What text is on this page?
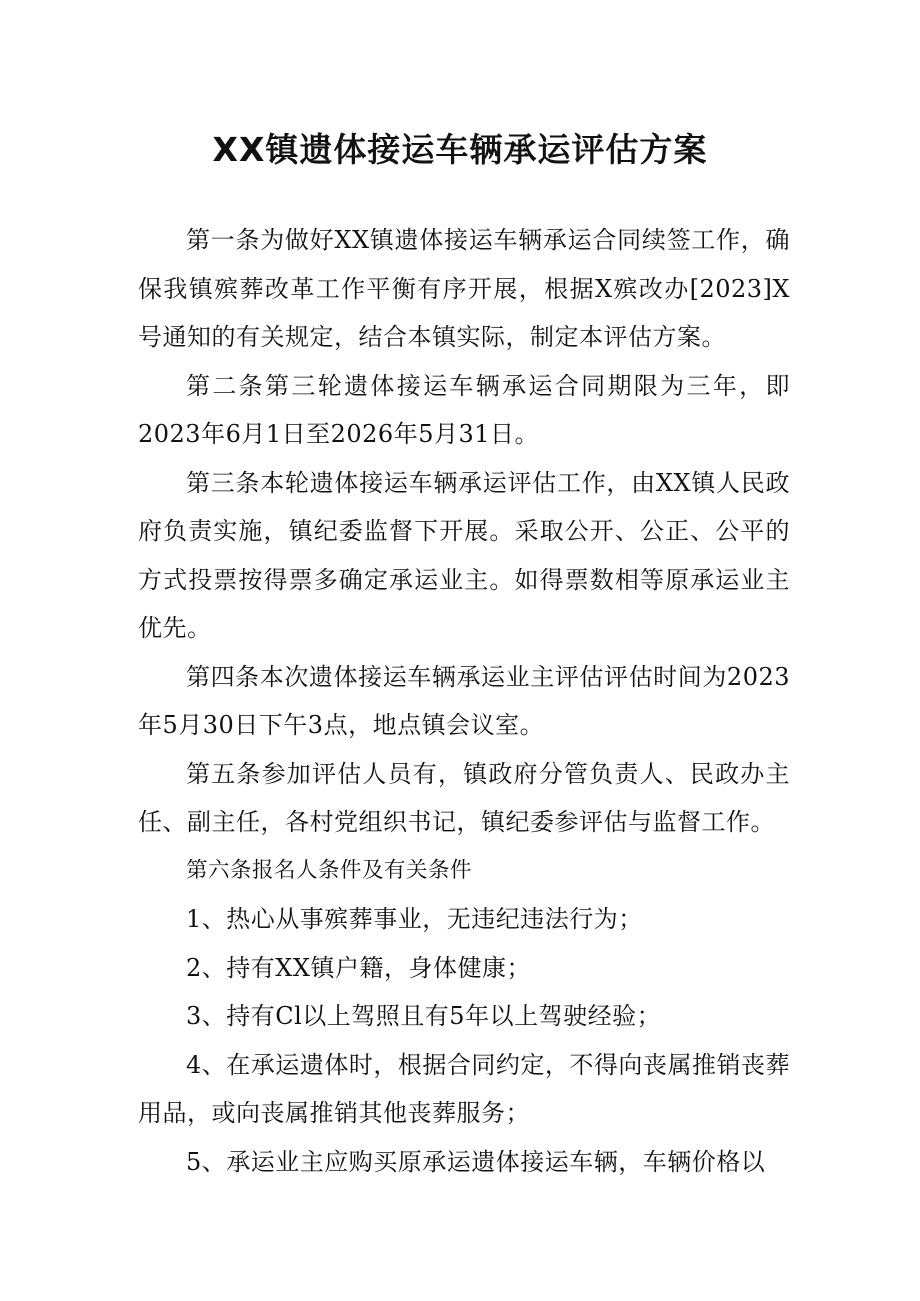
XX镇遗体接运车辆承运评估方案

第一条为做好XX镇遗体接运车辆承运合同续签工作，确保我镇殡葬改革工作平衡有序开展，根据X殡改办[2023]X号通知的有关规定，结合本镇实际，制定本评估方案。

第二条第三轮遗体接运车辆承运合同期限为三年，即2023年6月1日至2026年5月31日。

第三条本轮遗体接运车辆承运评估工作，由XX镇人民政府负责实施，镇纪委监督下开展。采取公开、公正、公平的方式投票按得票多确定承运业主。如得票数相等原承运业主优先。

第四条本次遗体接运车辆承运业主评估评估时间为2023年5月30日下午3点，地点镇会议室。

第五条参加评估人员有，镇政府分管负责人、民政办主任、副主任，各村党组织书记，镇纪委参评估与监督工作。

第六条报名人条件及有关条件

1、热心从事殡葬事业，无违纪违法行为；

2、持有XX镇户籍，身体健康；

3、持有Cl以上驾照且有5年以上驾驶经验；

4、在承运遗体时，根据合同约定，不得向丧属推销丧葬用品，或向丧属推销其他丧葬服务；

5、承运业主应购买原承运遗体接运车辆，车辆价格以
